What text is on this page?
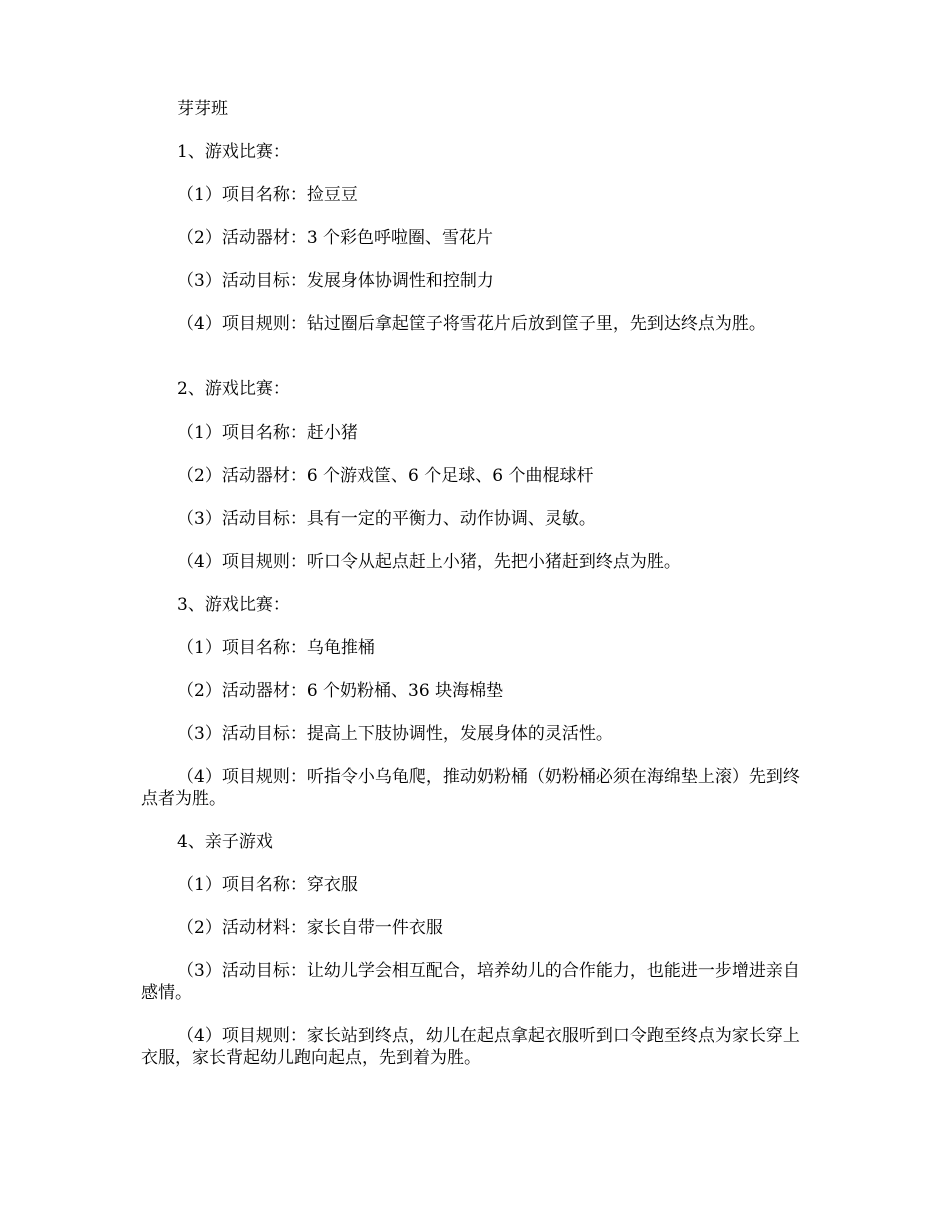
芽芽班
1、游戏比赛：
（1）项目名称：捡豆豆
（2）活动器材：3 个彩色呼啦圈、雪花片
（3）活动目标：发展身体协调性和控制力
（4）项目规则：钻过圈后拿起筐子将雪花片后放到筐子里，先到达终点为胜。
2、游戏比赛：
（1）项目名称：赶小猪
（2）活动器材：6 个游戏筐、6 个足球、6 个曲棍球杆
（3）活动目标：具有一定的平衡力、动作协调、灵敏。
（4）项目规则：听口令从起点赶上小猪，先把小猪赶到终点为胜。
3、游戏比赛：
（1）项目名称：乌龟推桶
（2）活动器材：6 个奶粉桶、36 块海棉垫
（3）活动目标：提高上下肢协调性，发展身体的灵活性。
（4）项目规则：听指令小乌龟爬，推动奶粉桶（奶粉桶必须在海绵垫上滚）先到终点者为胜。
4、亲子游戏
（1）项目名称：穿衣服
（2）活动材料：家长自带一件衣服
（3）活动目标：让幼儿学会相互配合，培养幼儿的合作能力，也能进一步增进亲自感情。
（4）项目规则：家长站到终点，幼儿在起点拿起衣服听到口令跑至终点为家长穿上衣服，家长背起幼儿跑向起点，先到着为胜。
